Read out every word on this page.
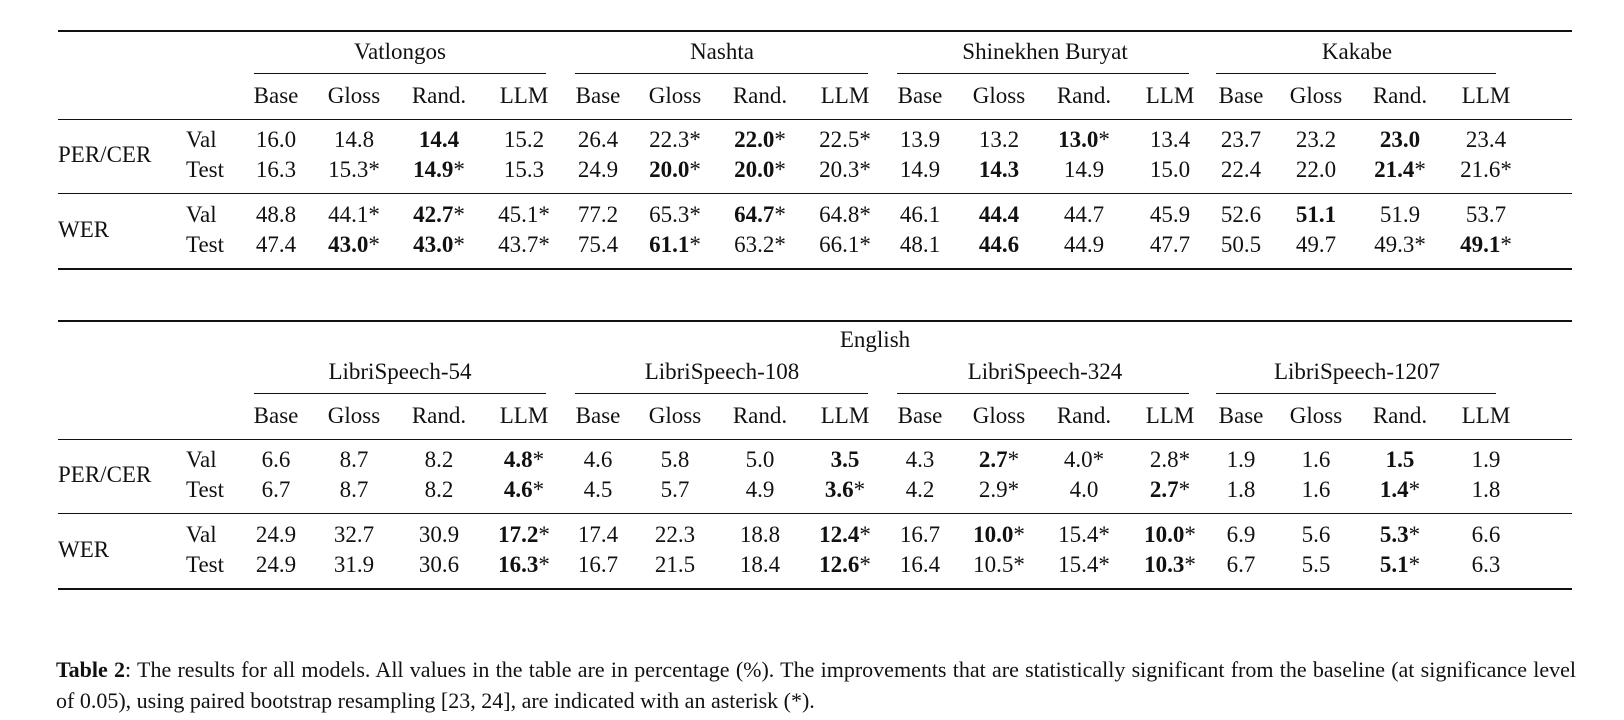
Vatlongos
Base Gloss Rand. LLM
Nashta
Base Gloss Rand. LLM
Shinekhen Buryat
Base Gloss Rand. LLM
Kakabe
Base Gloss Rand. LLM
PER/CER
Val 16.0 14.8 14.4 15.2 26.4 22.3* 22.0* 22.5* 13.9 13.2 13.0* 13.4 23.7 23.2 23.0 23.4
Test 16.3 15.3* 14.9* 15.3 24.9 20.0* 20.0* 20.3* 14.9 14.3 14.9 15.0 22.4 22.0 21.4* 21.6*
WER
Val 48.8 44.1* 42.7* 45.1* 77.2 65.3* 64.7* 64.8* 46.1 44.4 44.7 45.9 52.6 51.1 51.9 53.7
Test 47.4 43.0* 43.0* 43.7* 75.4 61.1* 63.2* 66.1* 48.1 44.6 44.9 47.7 50.5 49.7 49.3* 49.1*
English
LibriSpeech-54
Base Gloss Rand. LLM
LibriSpeech-108
Base Gloss Rand. LLM
LibriSpeech-324
Base Gloss Rand. LLM
LibriSpeech-1207
Base Gloss Rand. LLM
PER/CER
Val 6.6 8.7 8.2 4.8* 4.6 5.8 5.0 3.5 4.3 2.7* 4.0* 2.8* 1.9 1.6 1.5 1.9
Test 6.7 8.7 8.2 4.6* 4.5 5.7 4.9 3.6* 4.2 2.9* 4.0 2.7* 1.8 1.6 1.4* 1.8
WER
Val 24.9 32.7 30.9 17.2* 17.4 22.3 18.8 12.4* 16.7 10.0* 15.4* 10.0* 6.9 5.6 5.3* 6.6
Test 24.9 31.9 30.6 16.3* 16.7 21.5 18.4 12.6* 16.4 10.5* 15.4* 10.3* 6.7 5.5 5.1* 6.3

Table 2: The results for all models. All values in the table are in percentage (%). The improvements that are statistically significant from the baseline (at significance level of 0.05), using paired bootstrap resampling [23, 24], are indicated with an asterisk (*).
